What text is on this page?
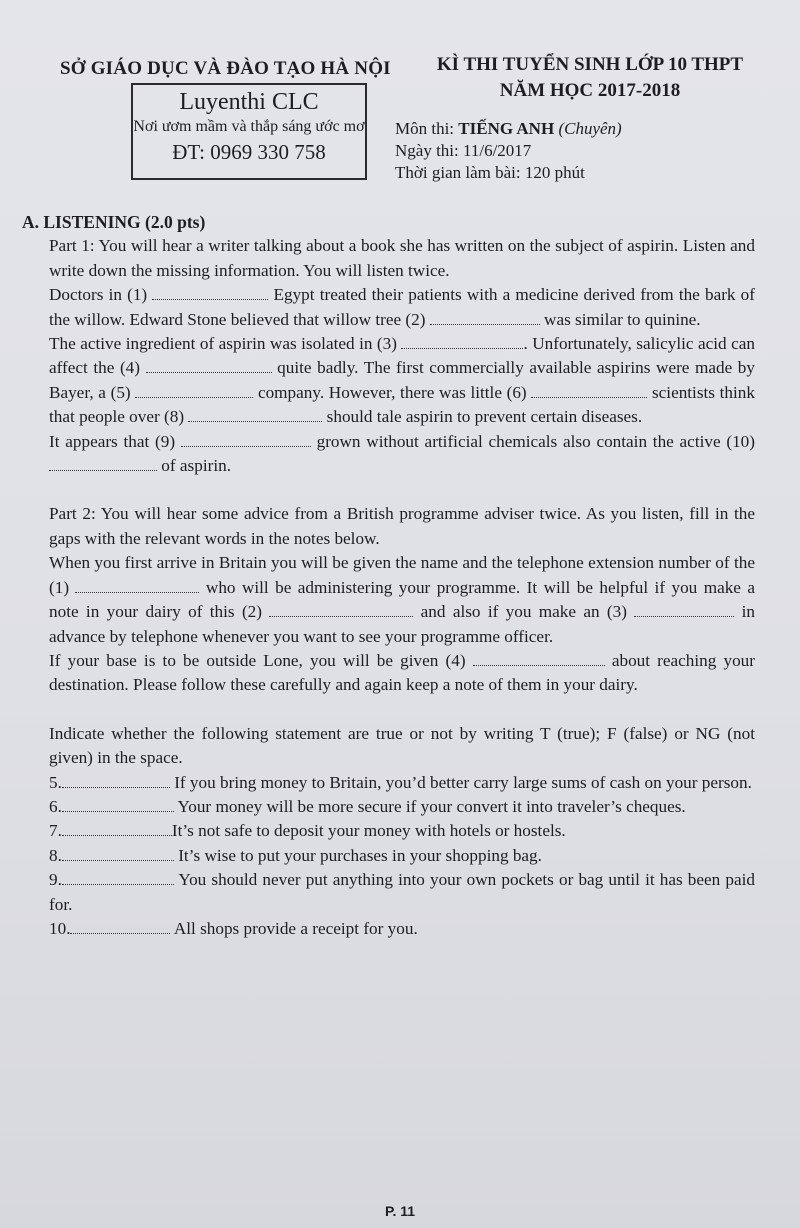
SỞ GIÁO DỤC VÀ ĐÀO TẠO HÀ NỘI	KÌ THI TUYỂN SINH LỚP 10 THPT
NĂM HỌC 2017-2018
Luyenthi CLC
Nơi ươm mầm và thắp sáng ước mơ
ĐT: 0969 330 758
Môn thi: TIẾNG ANH (Chuyên)
Ngày thi: 11/6/2017
Thời gian làm bài: 120 phút
A. LISTENING (2.0 pts)

Part 1: You will hear a writer talking about a book she has written on the subject of aspirin. Listen and write down the missing information. You will listen twice.

Doctors in (1)	Egypt treated their patients with a medicine derived from the bark of the willow. Edward Stone believed that willow tree (2)	was similar to quinine.

The active ingredient of aspirin was isolated in (3)	. Unfortunately, salicylic acid can affect the (4)	quite badly. The first commercially available aspirins were made by Bayer, a (5)	company. However, there was little (6)	scientists think that people over (8)	should tale aspirin to prevent certain diseases.

It appears that (9)	grown without artificial chemicals also contain the active (10)  of aspirin.

Part 2: You will hear some advice from a British programme adviser twice. As you listen, fill in the gaps with the relevant words in the notes below.

When you first arrive in Britain you will be given the name and the telephone extension number of the (1)	who will be administering your programme. It will be helpful if you make a note in your dairy of this (2)	and also if you make an (3)	in advance by telephone whenever you want to see your programme officer.

If your base is to be outside Lone, you will be given (4)	about reaching your destination. Please follow these carefully and again keep a note of them in your dairy.

Indicate whether the following statement are true or not by writing T (true); F (false) or NG (not given) in the space.

5.	If you bring money to Britain, you’d better carry large sums of cash on your person.

6.	Your money will be more secure if your convert it into traveler’s cheques.

7.	It’s not safe to deposit your money with hotels or hostels.

8.	It’s wise to put your purchases in your shopping bag.

9.	You should never put anything into your own pockets or bag until it has been paid for.

10.	All shops provide a receipt for you.

P. 11
